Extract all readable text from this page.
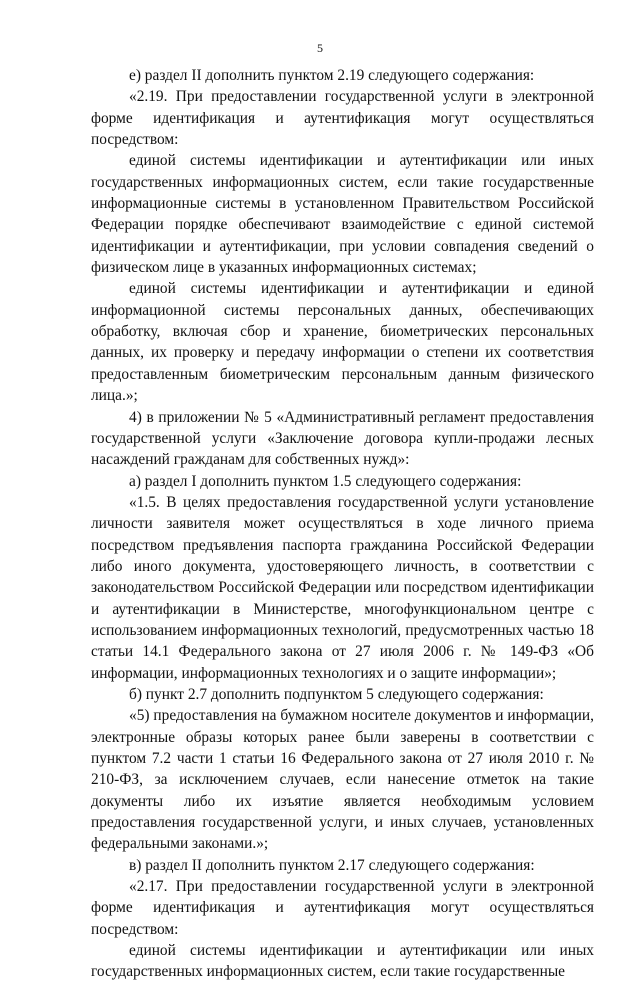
5

е) раздел II дополнить пунктом 2.19 следующего содержания:

«2.19. При предоставлении государственной услуги в электронной форме идентификация и аутентификация могут осуществляться посредством:

единой системы идентификации и аутентификации или иных государственных информационных систем, если такие государственные информационные системы в установленном Правительством Российской Федерации порядке обеспечивают взаимодействие с единой системой идентификации и аутентификации, при условии совпадения сведений о физическом лице в указанных информационных системах;

единой системы идентификации и аутентификации и единой информационной системы персональных данных, обеспечивающих обработку, включая сбор и хранение, биометрических персональных данных, их проверку и передачу информации о степени их соответствия предоставленным биометрическим персональным данным физического лица.»;

4) в приложении № 5 «Административный регламент предоставления государственной услуги «Заключение договора купли-продажи лесных насаждений гражданам для собственных нужд»:

а) раздел I дополнить пунктом 1.5 следующего содержания:

«1.5. В целях предоставления государственной услуги установление личности заявителя может осуществляться в ходе личного приема посредством предъявления паспорта гражданина Российской Федерации либо иного документа, удостоверяющего личность, в соответствии с законодательством Российской Федерации или посредством идентификации и аутентификации в Министерстве, многофункциональном центре с использованием информационных технологий, предусмотренных частью 18 статьи 14.1 Федерального закона от 27 июля 2006 г. № 149-ФЗ «Об информации, информационных технологиях и о защите информации»;

б) пункт 2.7 дополнить подпунктом 5 следующего содержания:

«5) предоставления на бумажном носителе документов и информации, электронные образы которых ранее были заверены в соответствии с пунктом 7.2 части 1 статьи 16 Федерального закона от 27 июля 2010 г. № 210-ФЗ, за исключением случаев, если нанесение отметок на такие документы либо их изъятие является необходимым условием предоставления государственной услуги, и иных случаев, установленных федеральными законами.»;

в) раздел II дополнить пунктом 2.17 следующего содержания:

«2.17. При предоставлении государственной услуги в электронной форме идентификация и аутентификация могут осуществляться посредством:

единой системы идентификации и аутентификации или иных государственных информационных систем, если такие государственные
